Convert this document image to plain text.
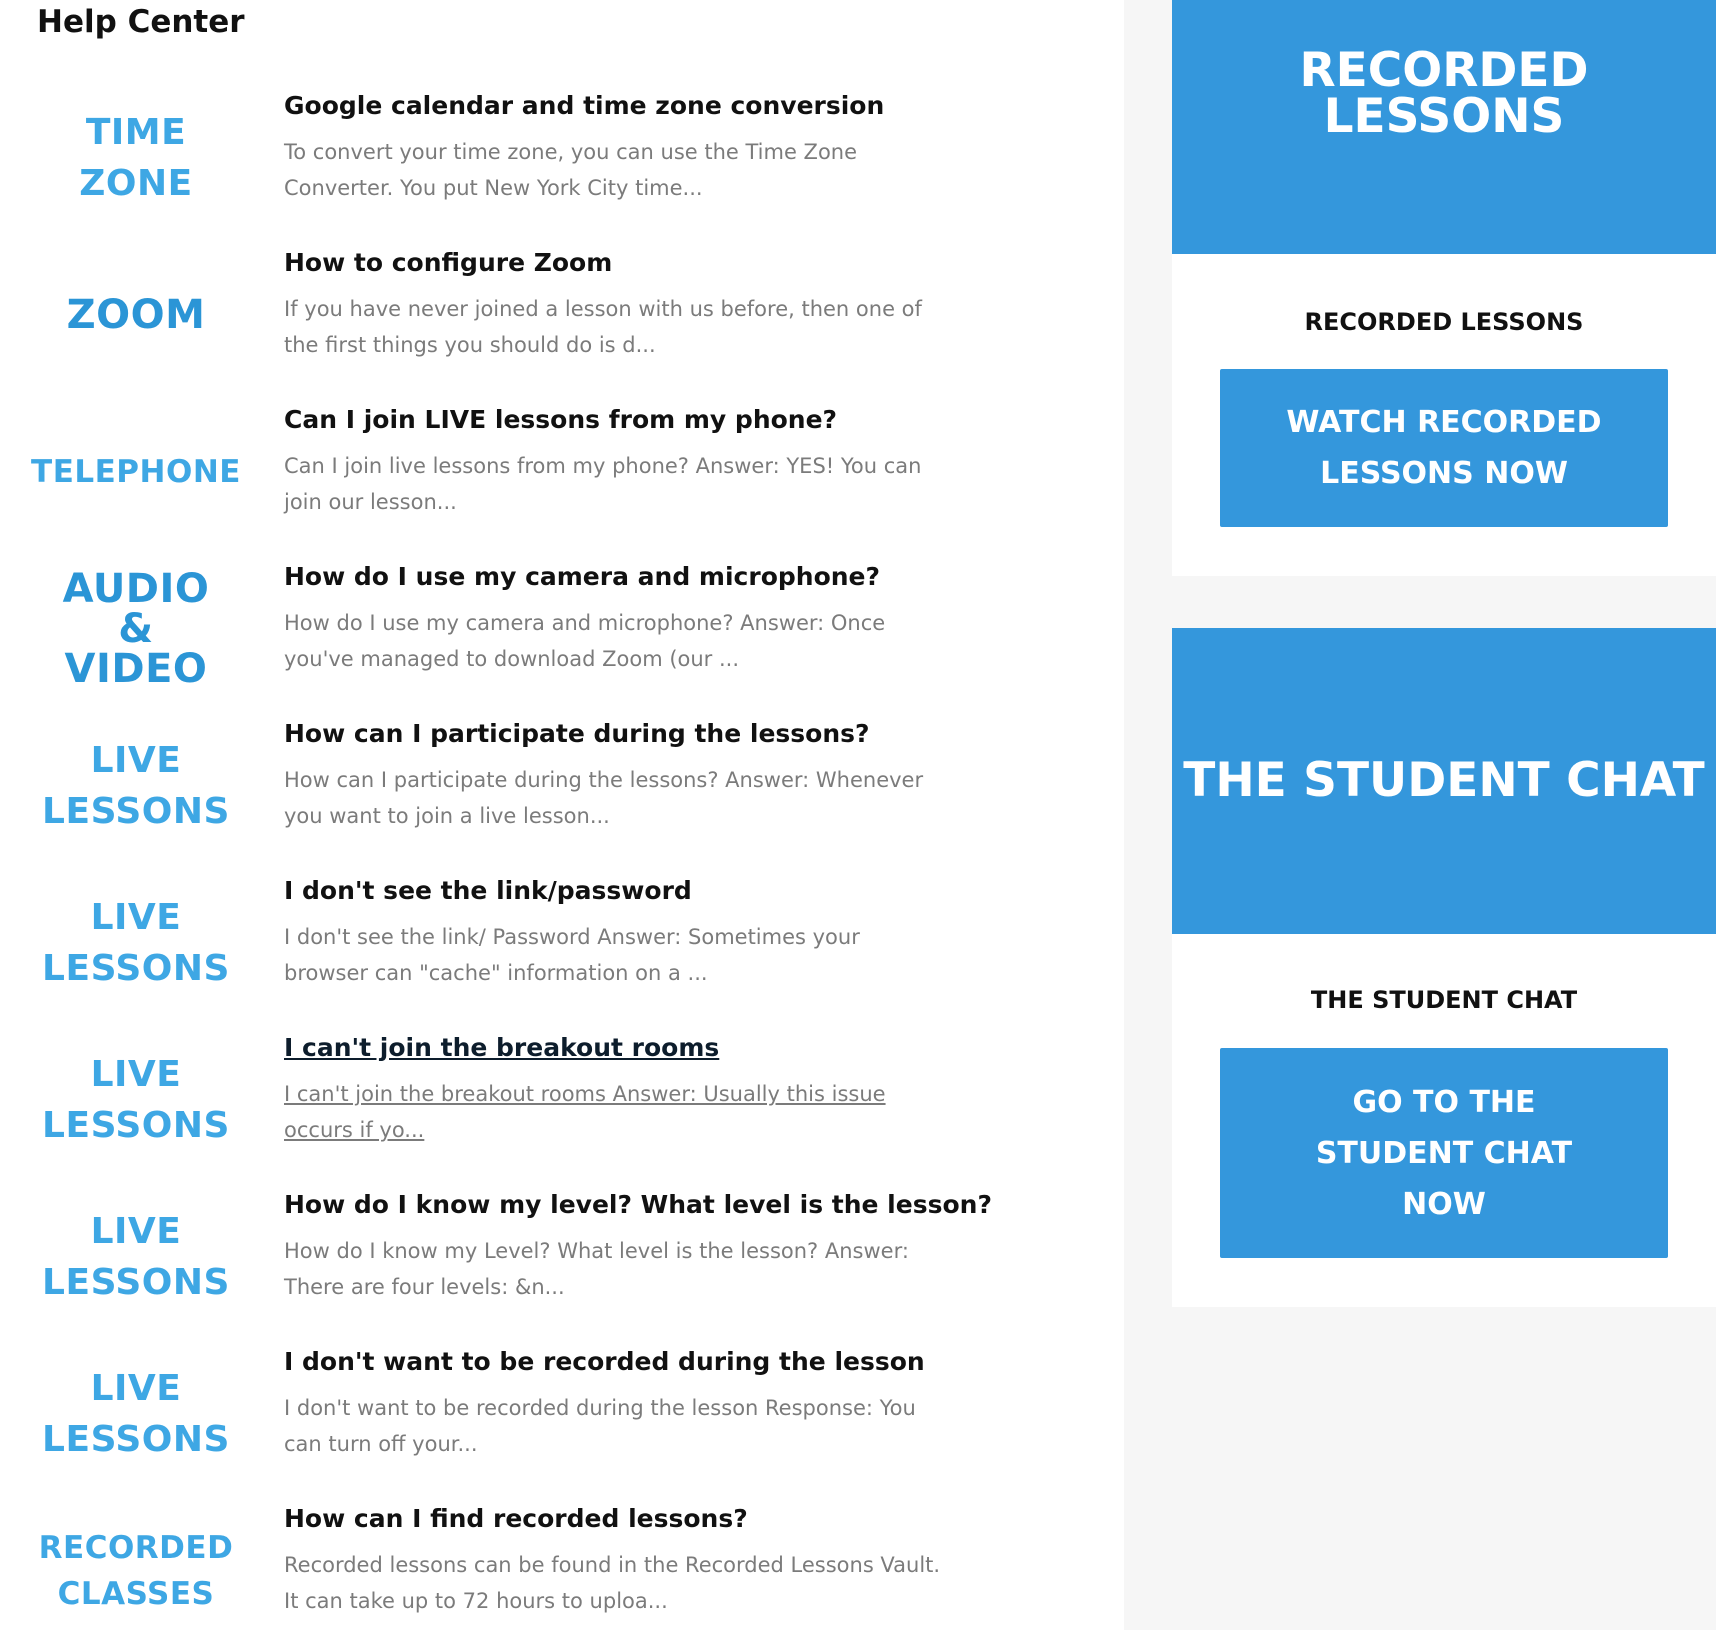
Help Center
TIME
ZONE
Google calendar and time zone conversion

To convert your time zone, you can use the Time Zone Converter. You put New York City time...

ZOOM
How to configure Zoom

If you have never joined a lesson with us before, then one of the first things you should do is d...

TELEPHONE
Can I join LIVE lessons from my phone?

Can I join live lessons from my phone? Answer: YES! You can join our lesson...

AUDIO
&
VIDEO
How do I use my camera and microphone?

How do I use my camera and microphone? Answer: Once you've managed to download Zoom (our ...

LIVE
LESSONS
How can I participate during the lessons?

How can I participate during the lessons? Answer: Whenever you want to join a live lesson...

LIVE
LESSONS
I don't see the link/password

I don't see the link/ Password Answer: Sometimes your browser can "cache" information on a ...

LIVE
LESSONS
I can't join the breakout rooms

I can't join the breakout rooms Answer: Usually this issue occurs if yo...

LIVE
LESSONS
How do I know my level? What level is the lesson?

How do I know my Level? What level is the lesson? Answer: There are four levels: &n...

LIVE
LESSONS
I don't want to be recorded during the lesson

I don't want to be recorded during the lesson Response: You can turn off your...

RECORDED
CLASSES
How can I find recorded lessons?

Recorded lessons can be found in the Recorded Lessons Vault. It can take up to 72 hours to uploa...

RECORDED
LESSONS
RECORDED LESSONS
WATCH RECORDED
LESSONS NOW
THE STUDENT CHAT
THE STUDENT CHAT
GO TO THE
STUDENT CHAT
NOW
